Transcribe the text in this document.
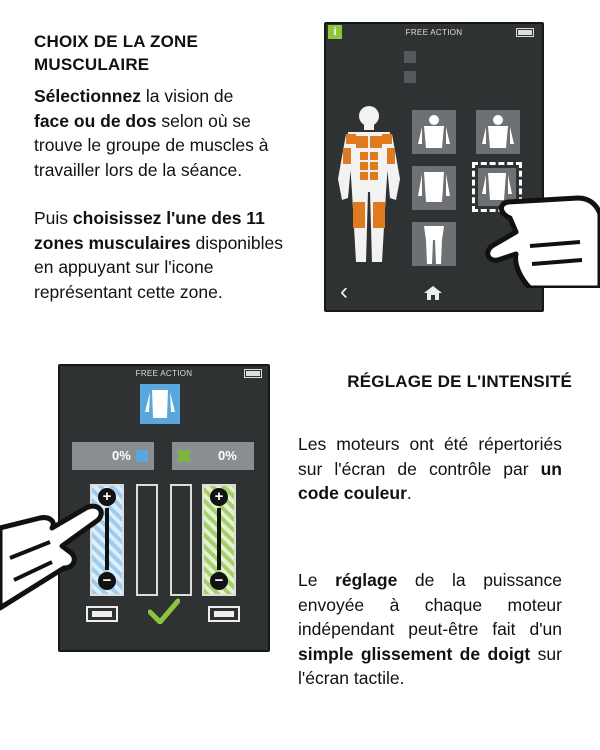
CHOIX DE LA ZONE
MUSCULAIRE

Sélectionnez la vision de
face ou de dos selon où se trouve le groupe de muscles à travailler lors de la séance.

Puis choisissez l'une des 11 zones musculaires disponibles en appuyant sur l'icone représentant cette zone.

i	FREE ACTION
‹
RÉGLAGE DE L'INTENSITÉ

Les moteurs ont été répertoriés sur l'écran de contrôle par un code couleur.

Le réglage de la puissance envoyée à chaque moteur indépendant peut-être fait d'un simple glissement de doigt sur l'écran tactile.

FREE ACTION
0%	0%
+
−
+
−
